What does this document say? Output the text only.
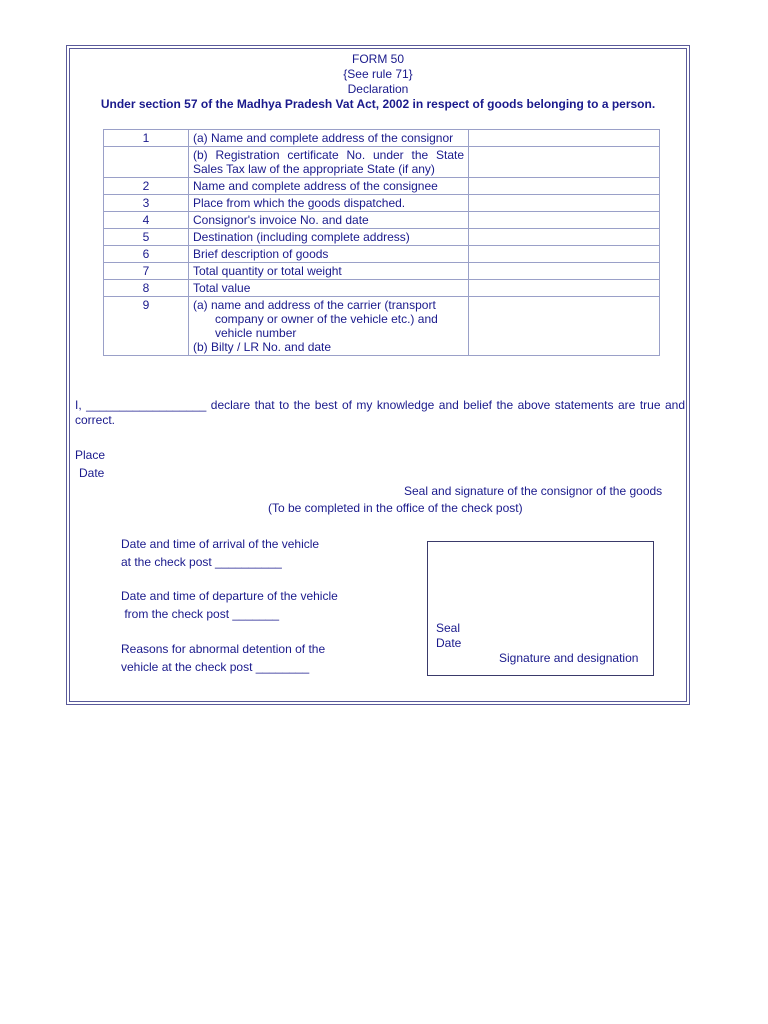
FORM 50
{See rule 71}
Declaration
Under section 57 of the Madhya Pradesh Vat Act, 2002 in respect of goods belonging to a person.
1	(a) Name and complete address of the consignor	
	(b) Registration certificate No. under the State Sales Tax law of the appropriate State (if any)	
2	Name and complete address of the consignee	
3	Place from which the goods dispatched.	
4	Consignor's invoice No. and date	
5	Destination (including complete address)	
6	Brief description of goods	
7	Total quantity or total weight	
8	Total value	
9	(a) name and address of the carrier (transport
company or owner of the vehicle etc.) and vehicle number
(b) Bilty / LR No. and date	

I, __________________ declare that to the best of my knowledge and belief the above statements are true and correct.
Place
Date
Seal and signature of the consignor of the goods
(To be completed in the office of the check post)
Date and time of arrival of the vehicle
at the check post __________
Date and time of departure of the vehicle
from the check post _______
Reasons for abnormal detention of the
vehicle at the check post ________
Seal
Date
Signature and designation
